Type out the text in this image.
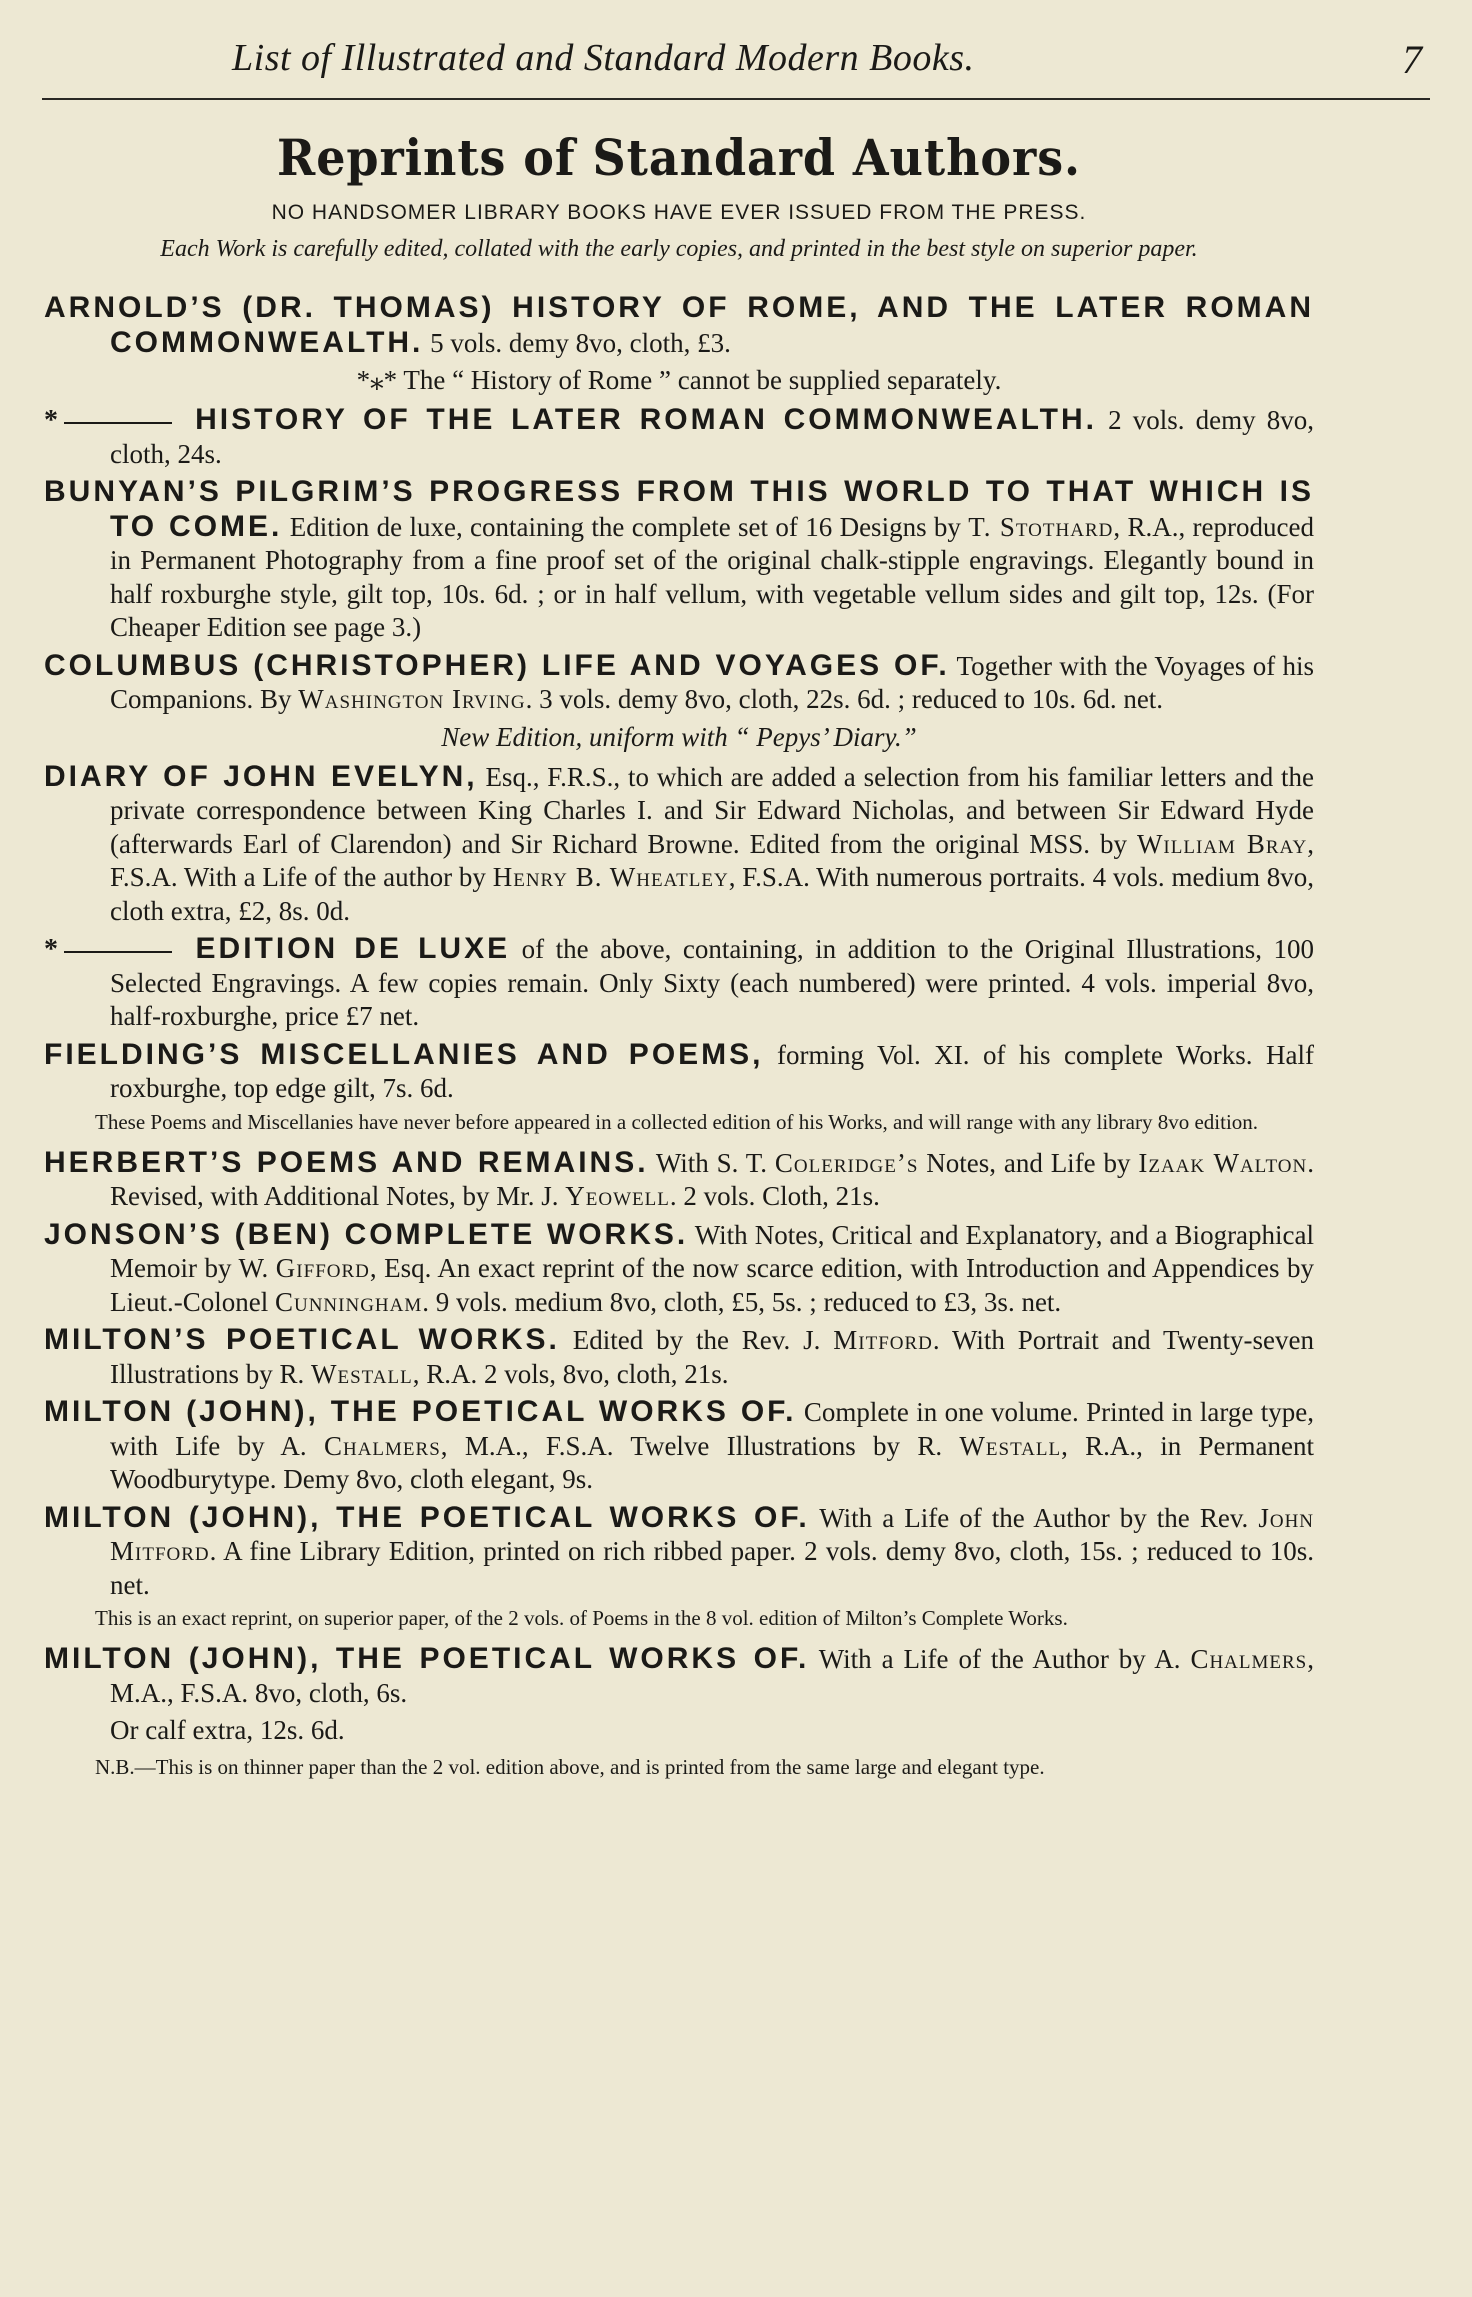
List of Illustrated and Standard Modern Books.	7
Reprints of Standard Authors.
NO HANDSOMER LIBRARY BOOKS HAVE EVER ISSUED FROM THE PRESS.
Each Work is carefully edited, collated with the early copies, and printed in the best style on superior paper.
ARNOLD’S (DR. THOMAS) HISTORY OF ROME, AND THE LATER ROMAN COMMONWEALTH. 5 vols. demy 8vo, cloth, £3.
*⁎* The “ History of Rome ” cannot be supplied separately.
*	HISTORY OF THE LATER ROMAN COMMONWEALTH. 2 vols. demy 8vo, cloth, 24s.
BUNYAN’S PILGRIM’S PROGRESS FROM THIS WORLD TO THAT WHICH IS TO COME. Edition de luxe, containing the complete set of 16 Designs by T. Stothard, R.A., reproduced in Permanent Photography from a fine proof set of the original chalk-stipple engravings. Elegantly bound in half roxburghe style, gilt top, 10s. 6d. ; or in half vellum, with vegetable vellum sides and gilt top, 12s. (For Cheaper Edition see page 3.)
COLUMBUS (CHRISTOPHER) LIFE AND VOYAGES OF. Together with the Voyages of his Companions. By Washington Irving. 3 vols. demy 8vo, cloth, 22s. 6d. ; reduced to 10s. 6d. net.
New Edition, uniform with “ Pepys’ Diary.”
DIARY OF JOHN EVELYN, Esq., F.R.S., to which are added a selection from his familiar letters and the private correspondence between King Charles I. and Sir Edward Nicholas, and between Sir Edward Hyde (afterwards Earl of Clarendon) and Sir Richard Browne. Edited from the original MSS. by William Bray, F.S.A. With a Life of the author by Henry B. Wheatley, F.S.A. With numerous portraits. 4 vols. medium 8vo, cloth extra, £2, 8s. 0d.
*	EDITION DE LUXE of the above, containing, in addition to the Original Illustrations, 100 Selected Engravings. A few copies remain. Only Sixty (each numbered) were printed. 4 vols. imperial 8vo, half-roxburghe, price £7 net.
FIELDING’S MISCELLANIES AND POEMS, forming Vol. XI. of his complete Works. Half roxburghe, top edge gilt, 7s. 6d.
These Poems and Miscellanies have never before appeared in a collected edition of his Works, and will range with any library 8vo edition.
HERBERT’S POEMS AND REMAINS. With S. T. Coleridge’s Notes, and Life by Izaak Walton. Revised, with Additional Notes, by Mr. J. Yeowell. 2 vols. Cloth, 21s.
JONSON’S (BEN) COMPLETE WORKS. With Notes, Critical and Explanatory, and a Biographical Memoir by W. Gifford, Esq. An exact reprint of the now scarce edition, with Introduction and Appendices by Lieut.-Colonel Cunningham. 9 vols. medium 8vo, cloth, £5, 5s. ; reduced to £3, 3s. net.
MILTON’S POETICAL WORKS. Edited by the Rev. J. Mitford. With Portrait and Twenty-seven Illustrations by R. Westall, R.A. 2 vols, 8vo, cloth, 21s.
MILTON (JOHN), THE POETICAL WORKS OF. Complete in one volume. Printed in large type, with Life by A. Chalmers, M.A., F.S.A. Twelve Illustrations by R. Westall, R.A., in Permanent Woodburytype. Demy 8vo, cloth elegant, 9s.
MILTON (JOHN), THE POETICAL WORKS OF. With a Life of the Author by the Rev. John Mitford. A fine Library Edition, printed on rich ribbed paper. 2 vols. demy 8vo, cloth, 15s. ; reduced to 10s. net.
This is an exact reprint, on superior paper, of the 2 vols. of Poems in the 8 vol. edition of Milton’s Complete Works.
MILTON (JOHN), THE POETICAL WORKS OF. With a Life of the Author by A. Chalmers, M.A., F.S.A. 8vo, cloth, 6s.
Or calf extra, 12s. 6d.
N.B.—This is on thinner paper than the 2 vol. edition above, and is printed from the same large and elegant type.
